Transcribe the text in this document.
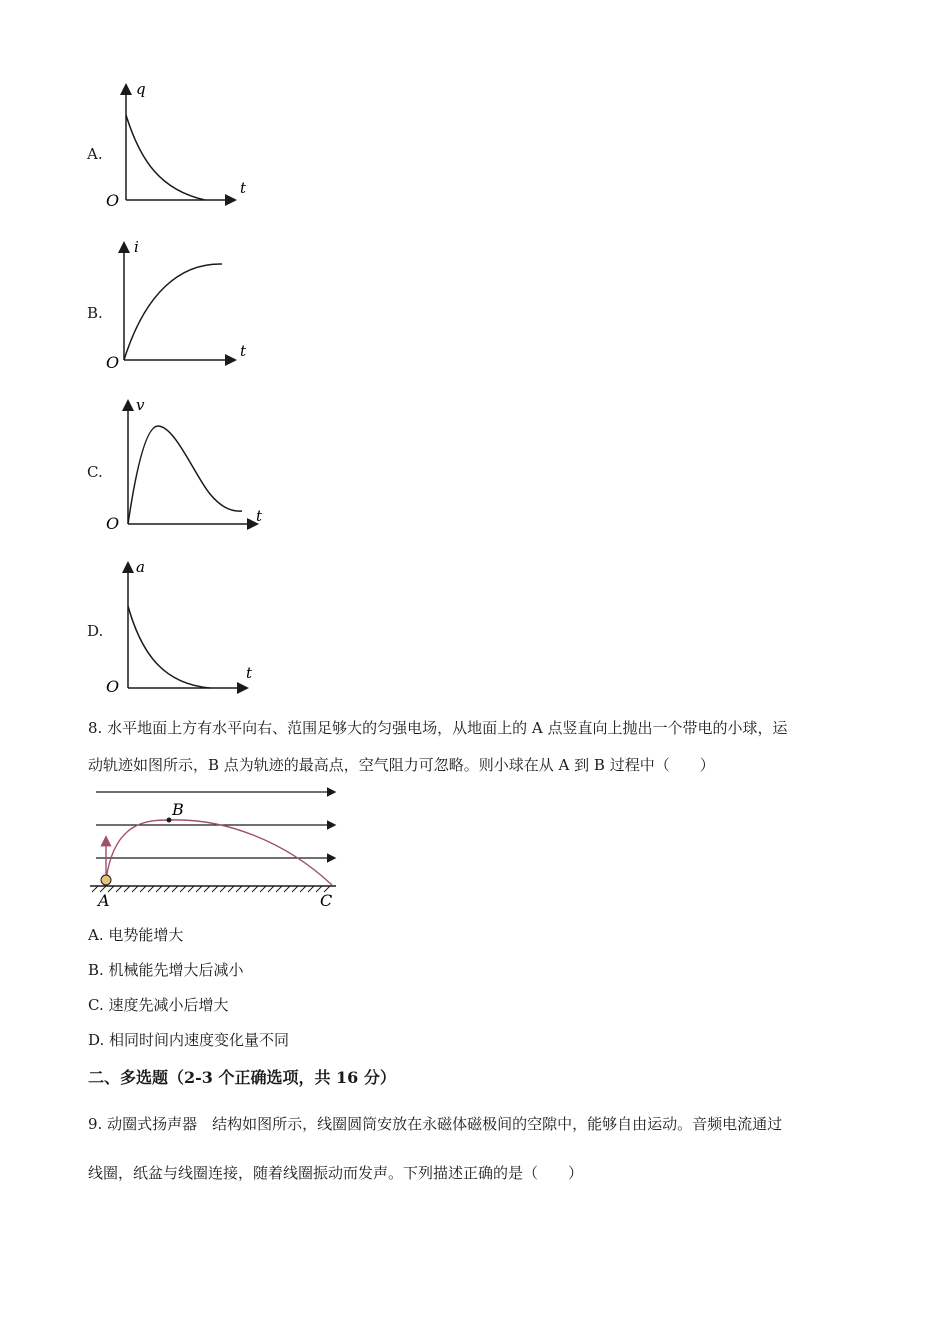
A.
q
t
O
B.
i
t
O
C.
v
t
O
D.
a
t
O
8. 水平地面上方有水平向右、范围足够大的匀强电场，从地面上的 A 点竖直向上抛出一个带电的小球，运
动轨迹如图所示，B 点为轨迹的最高点，空气阻力可忽略。则小球在从 A 到 B 过程中（　　）
B
A	C
A. 电势能增大
B. 机械能先增大后减小
C. 速度先减小后增大
D. 相同时间内速度变化量不同
二、多选题（2-3 个正确选项，共 16 分）
9. 动圈式扬声器　结构如图所示，线圈圆筒安放在永磁体磁极间的空隙中，能够自由运动。音频电流通过
线圈，纸盆与线圈连接，随着线圈振动而发声。下列描述正确的是（　　）
